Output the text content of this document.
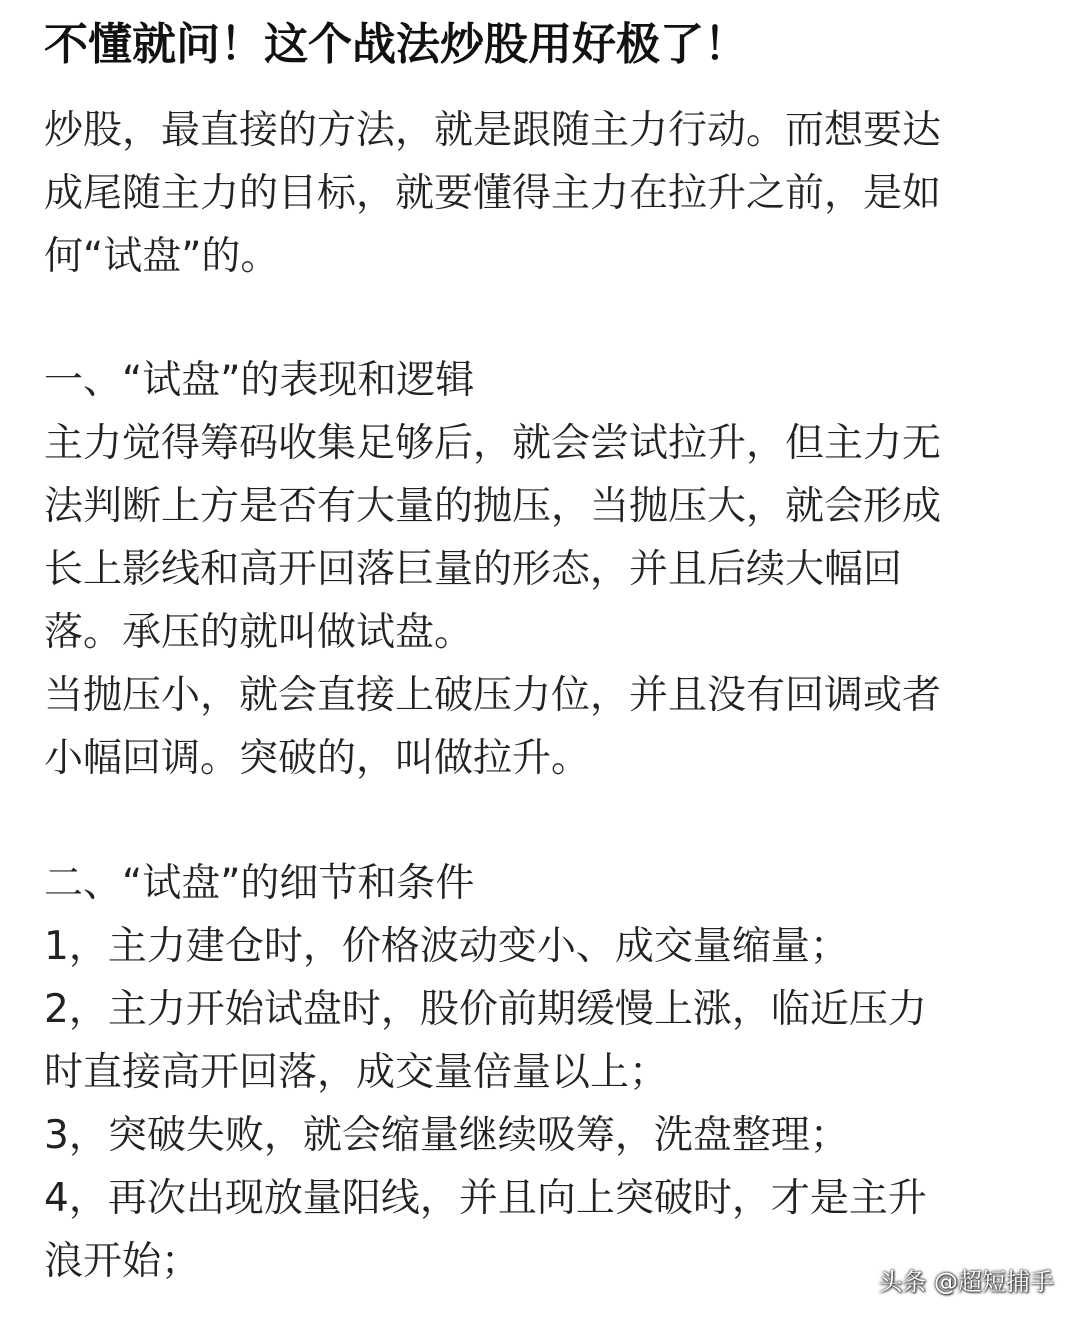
不懂就问！这个战法炒股用好极了！
炒股，最直接的方法，就是跟随主力行动。而想要达
成尾随主力的目标，就要懂得主力在拉升之前，是如
何“试盘”的。
一、“试盘”的表现和逻辑
主力觉得筹码收集足够后，就会尝试拉升，但主力无
法判断上方是否有大量的抛压，当抛压大，就会形成
长上影线和高开回落巨量的形态，并且后续大幅回
落。承压的就叫做试盘。
当抛压小，就会直接上破压力位，并且没有回调或者
小幅回调。突破的，叫做拉升。
二、“试盘”的细节和条件
1，主力建仓时，价格波动变小、成交量缩量；
2，主力开始试盘时，股价前期缓慢上涨，临近压力
时直接高开回落，成交量倍量以上；
3，突破失败，就会缩量继续吸筹，洗盘整理；
4，再次出现放量阳线，并且向上突破时，才是主升
浪开始；	头条 @超短捕手
